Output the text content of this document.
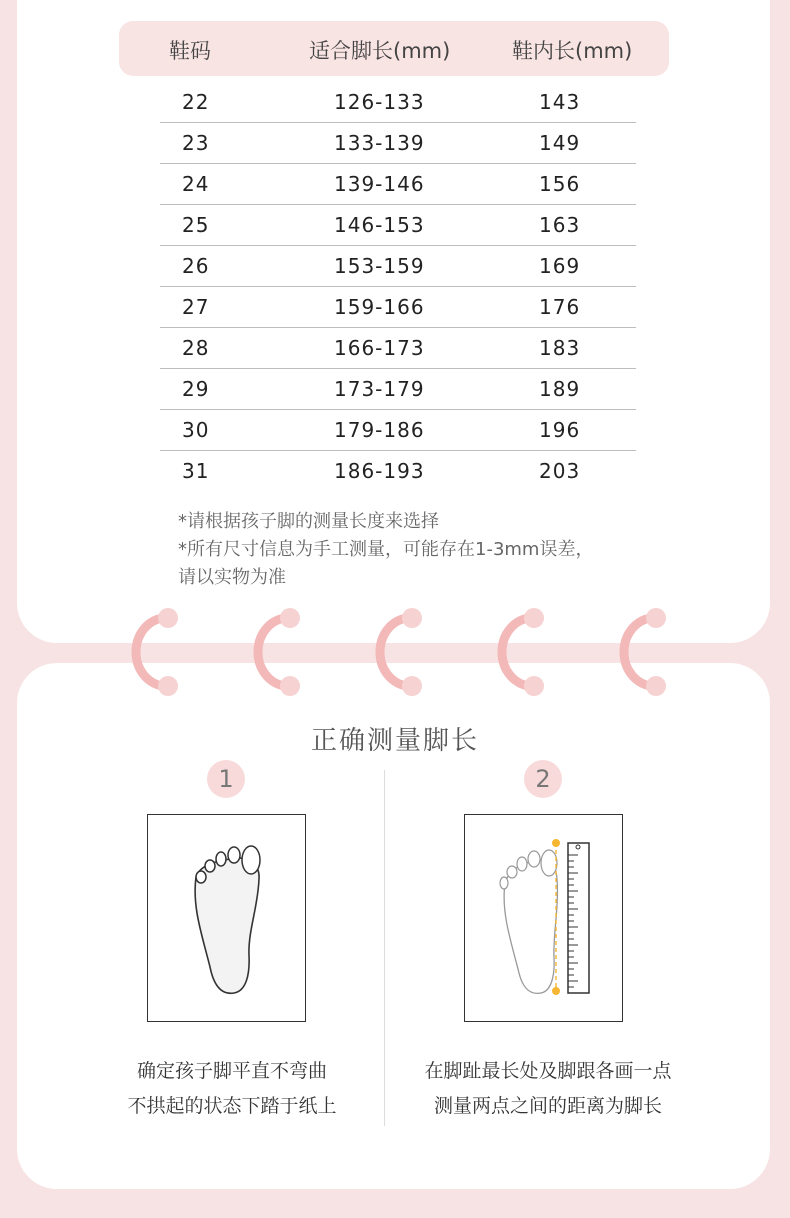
鞋码	适合脚长(mm)	鞋内长(mm)
22	126-133	143
23	133-139	149
24	139-146	156
25	146-153	163
26	153-159	169
27	159-166	176
28	166-173	183
29	173-179	189
30	179-186	196
31	186-193	203

*请根据孩子脚的测量长度来选择

*所有尺寸信息为手工测量，可能存在1-3mm误差，

请以实物为准

正确测量脚长
1	2

确定孩子脚平直不弯曲

不拱起的状态下踏于纸上

在脚趾最长处及脚跟各画一点

测量两点之间的距离为脚长
